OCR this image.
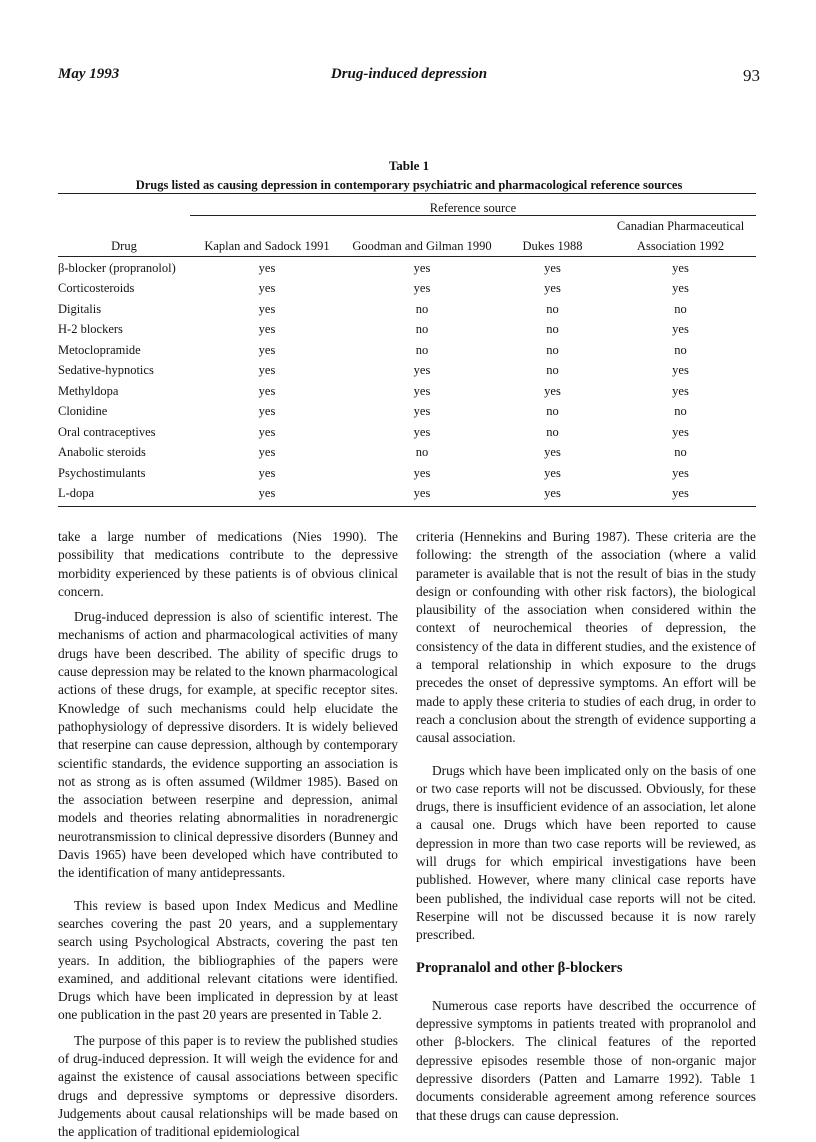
May 1993	Drug-induced depression	93
Table 1
Drugs listed as causing depression in contemporary psychiatric and pharmacological reference sources
Reference source
Drug	Kaplan and Sadock 1991	Goodman and Gilman 1990	Dukes 1988
Canadian Pharmaceutical
Association 1992
β-blocker (propranolol)	yes	yes	yes	yes
Corticosteroids	yes	yes	yes	yes
Digitalis	yes	no	no	no
H-2 blockers	yes	no	no	yes
Metoclopramide	yes	no	no	no
Sedative-hypnotics	yes	yes	no	yes
Methyldopa	yes	yes	yes	yes
Clonidine	yes	yes	no	no
Oral contraceptives	yes	yes	no	yes
Anabolic steroids	yes	no	yes	no
Psychostimulants	yes	yes	yes	yes
L-dopa	yes	yes	yes	yes

take a large number of medications (Nies 1990). The possibility that medications contribute to the depressive morbidity experienced by these patients is of obvious clinical concern.

Drug-induced depression is also of scientific interest. The mechanisms of action and pharmacological activities of many drugs have been described. The ability of specific drugs to cause depression may be related to the known pharmacological actions of these drugs, for example, at specific receptor sites. Knowledge of such mechanisms could help elucidate the pathophysiology of depressive disorders. It is widely believed that reserpine can cause depression, although by contemporary scientific standards, the evidence supporting an association is not as strong as is often assumed (Wildmer 1985). Based on the association between reserpine and depression, animal models and theories relating abnormalities in noradrenergic neurotransmission to clinical depressive disorders (Bunney and Davis 1965) have been developed which have contributed to the identification of many antidepressants.

This review is based upon Index Medicus and Medline searches covering the past 20 years, and a supplementary search using Psychological Abstracts, covering the past ten years. In addition, the bibliographies of the papers were examined, and additional relevant citations were identified. Drugs which have been implicated in depression by at least one publication in the past 20 years are presented in Table 2.

The purpose of this paper is to review the published studies of drug-induced depression. It will weigh the evidence for and against the existence of causal associations between specific drugs and depressive symptoms or depressive disorders. Judgements about causal relationships will be made based on the application of traditional epidemiological

criteria (Hennekins and Buring 1987). These criteria are the following: the strength of the association (where a valid parameter is available that is not the result of bias in the study design or confounding with other risk factors), the biological plausibility of the association when considered within the context of neurochemical theories of depression, the consistency of the data in different studies, and the existence of a temporal relationship in which exposure to the drugs precedes the onset of depressive symptoms. An effort will be made to apply these criteria to studies of each drug, in order to reach a conclusion about the strength of evidence supporting a causal association.

Drugs which have been implicated only on the basis of one or two case reports will not be discussed. Obviously, for these drugs, there is insufficient evidence of an association, let alone a causal one. Drugs which have been reported to cause depression in more than two case reports will be reviewed, as will drugs for which empirical investigations have been published. However, where many clinical case reports have been published, the individual case reports will not be cited. Reserpine will not be discussed because it is now rarely prescribed.

Propranalol and other β-blockers

Numerous case reports have described the occurrence of depressive symptoms in patients treated with propranolol and other β-blockers. The clinical features of the reported depressive episodes resemble those of non-organic major depressive disorders (Patten and Lamarre 1992). Table 1 documents considerable agreement among reference sources that these drugs can cause depression.
